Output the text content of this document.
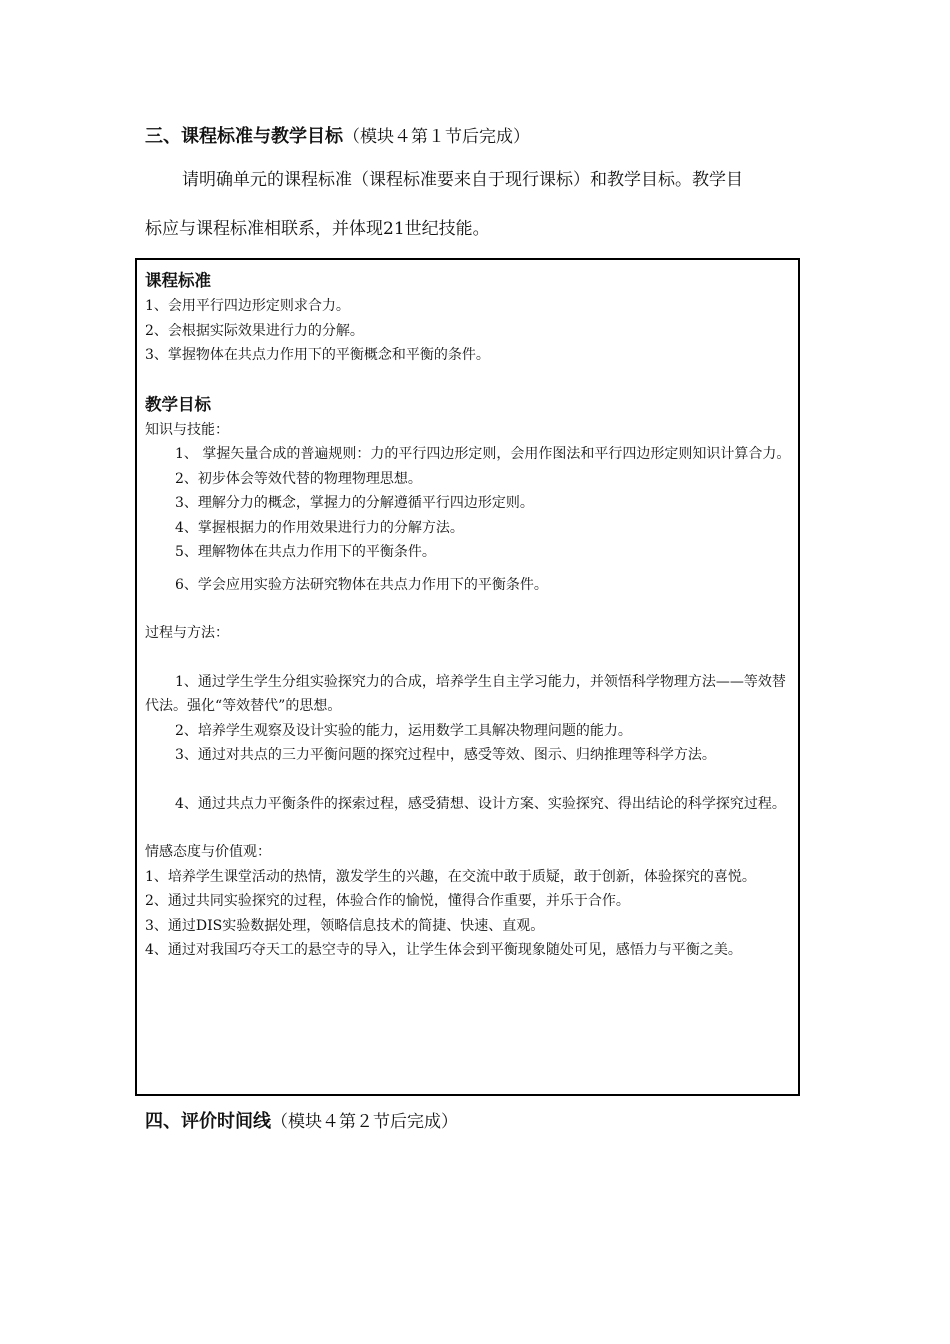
三、课程标准与教学目标（模块４第１节后完成）
请明确单元的课程标准（课程标准要来自于现行课标）和教学目标。教学目
标应与课程标准相联系，并体现21世纪技能。
课程标准
1、会用平行四边形定则求合力。
2、会根据实际效果进行力的分解。
3、掌握物体在共点力作用下的平衡概念和平衡的条件。
教学目标
知识与技能：
1、 掌握矢量合成的普遍规则：力的平行四边形定则，会用作图法和平行四边形定则知识计算合力。
2、初步体会等效代替的物理物理思想。
3、理解分力的概念，掌握力的分解遵循平行四边形定则。
4、掌握根据力的作用效果进行力的分解方法。
5、理解物体在共点力作用下的平衡条件。
6、学会应用实验方法研究物体在共点力作用下的平衡条件。
过程与方法：
1、通过学生学生分组实验探究力的合成，培养学生自主学习能力，并领悟科学物理方法——等效替代法。强化“等效替代”的思想。
2、培养学生观察及设计实验的能力，运用数学工具解决物理问题的能力。
3、通过对共点的三力平衡问题的探究过程中，感受等效、图示、归纳推理等科学方法。
4、通过共点力平衡条件的探索过程，感受猜想、设计方案、实验探究、得出结论的科学探究过程。
情感态度与价值观：
1、培养学生课堂活动的热情，激发学生的兴趣，在交流中敢于质疑，敢于创新，体验探究的喜悦。
2、通过共同实验探究的过程，体验合作的愉悦，懂得合作重要，并乐于合作。
3、通过DIS实验数据处理，领略信息技术的简捷、快速、直观。
4、通过对我国巧夺天工的悬空寺的导入，让学生体会到平衡现象随处可见，感悟力与平衡之美。
四、评价时间线（模块４第２节后完成）
